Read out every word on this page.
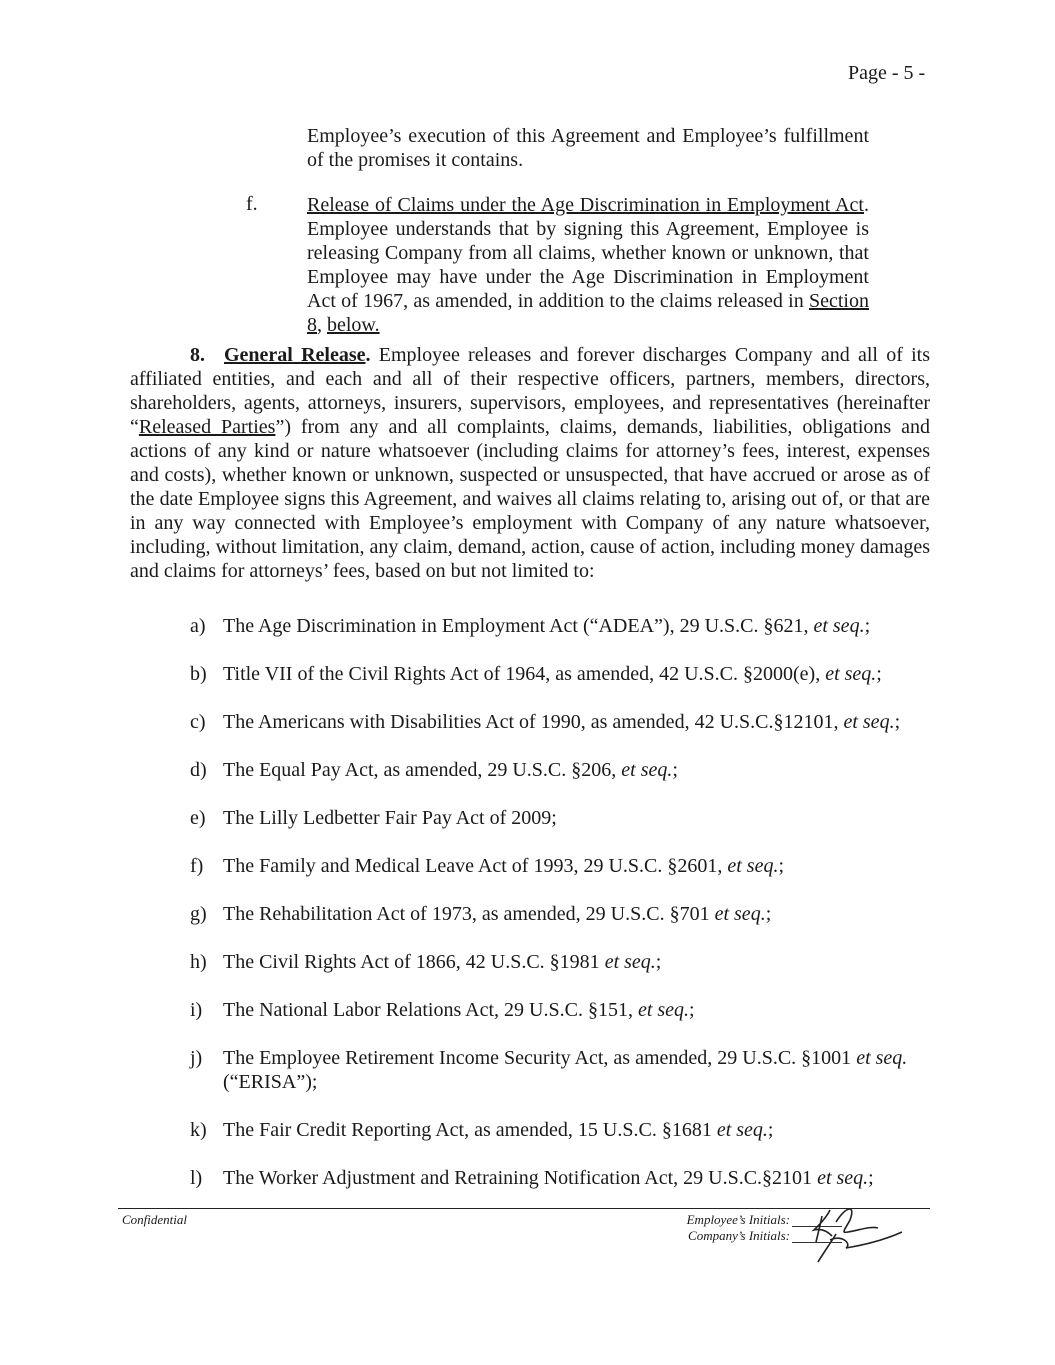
Page - 5 -
Employee’s execution of this Agreement and Employee’s fulfillment of the promises it contains.
f. Release of Claims under the Age Discrimination in Employment Act. Employee understands that by signing this Agreement, Employee is releasing Company from all claims, whether known or unknown, that Employee may have under the Age Discrimination in Employment Act of 1967, as amended, in addition to the claims released in Section 8, below.
8. General Release. Employee releases and forever discharges Company and all of its affiliated entities, and each and all of their respective officers, partners, members, directors, shareholders, agents, attorneys, insurers, supervisors, employees, and representatives (hereinafter “Released Parties”) from any and all complaints, claims, demands, liabilities, obligations and actions of any kind or nature whatsoever (including claims for attorney’s fees, interest, expenses and costs), whether known or unknown, suspected or unsuspected, that have accrued or arose as of the date Employee signs this Agreement, and waives all claims relating to, arising out of, or that are in any way connected with Employee’s employment with Company of any nature whatsoever, including, without limitation, any claim, demand, action, cause of action, including money damages and claims for attorneys’ fees, based on but not limited to:
a) The Age Discrimination in Employment Act (“ADEA”), 29 U.S.C. §621, et seq.;
b) Title VII of the Civil Rights Act of 1964, as amended, 42 U.S.C. §2000(e), et seq.;
c) The Americans with Disabilities Act of 1990, as amended, 42 U.S.C.§12101, et seq.;
d) The Equal Pay Act, as amended, 29 U.S.C. §206, et seq.;
e) The Lilly Ledbetter Fair Pay Act of 2009;
f) The Family and Medical Leave Act of 1993, 29 U.S.C. §2601, et seq.;
g) The Rehabilitation Act of 1973, as amended, 29 U.S.C. §701 et seq.;
h) The Civil Rights Act of 1866, 42 U.S.C. §1981 et seq.;
i)	The National Labor Relations Act, 29 U.S.C. §151, et seq.;
j)	The Employee Retirement Income Security Act, as amended, 29 U.S.C. §1001 et seq. (“ERISA”);
k) The Fair Credit Reporting Act, as amended, 15 U.S.C. §1681 et seq.;
l)	The Worker Adjustment and Retraining Notification Act, 29 U.S.C.§2101 et seq.;
Confidential	Employee’s Initials:
Company’s Initials:
